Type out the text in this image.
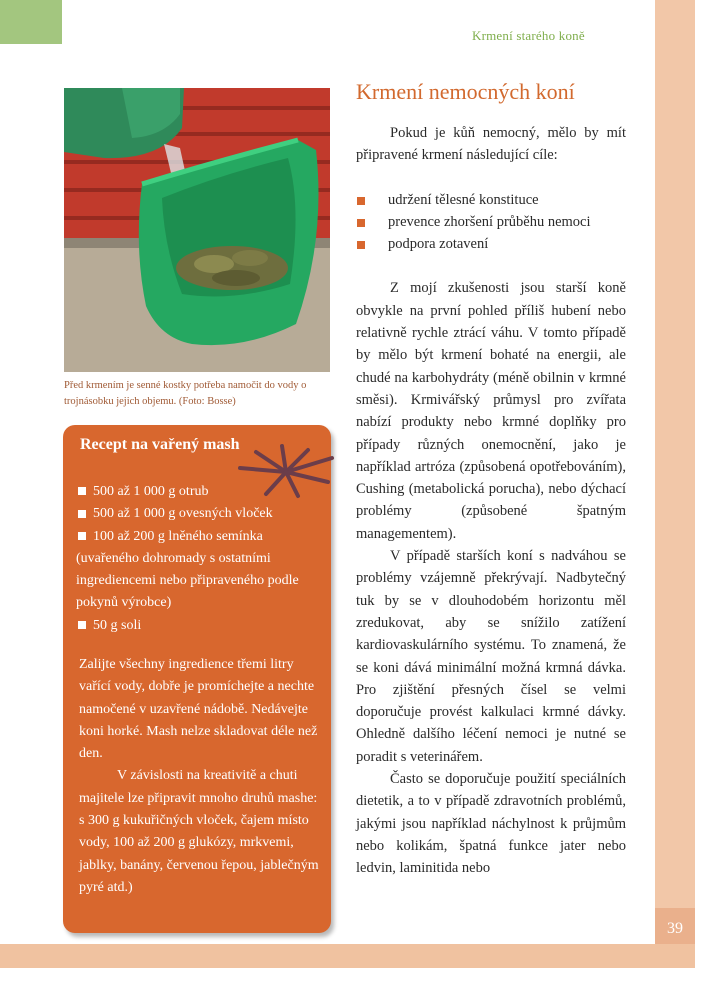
Krmení starého koně
39
Před krmením je senné kostky potřeba namočit do vody o trojnásobku jejich objemu. (Foto: Bosse)
Recept na vařený mash
500 až 1 000 g otrub
500 až 1 000 g ovesných vloček
100 až 200 g lněného semínka
(uvařeného dohromady s ostatními ingrediencemi nebo připraveného podle pokynů výrobce)
50 g soli

Zalijte všechny ingredience třemi litry vařící vody, dobře je promíchejte a nechte namočené v uzavřené nádobě. Nedávejte koni horké. Mash nelze skladovat déle než den.

V závislosti na kreativitě a chuti majitele lze připravit mnoho druhů mashe: s 300 g kukuřičných vloček, čajem místo vody, 100 až 200 g glukózy, mrkvemi, jablky, banány, červenou řepou, jablečným pyré atd.)

Krmení nemocných koní

Pokud je kůň nemocný, mělo by mít připravené krmení následující cíle:

udržení tělesné konstituce
prevence zhoršení průběhu nemoci
podpora zotavení

Z mojí zkušenosti jsou starší koně obvykle na první pohled příliš hubení nebo relativně rychle ztrácí váhu. V tomto případě by mělo být krmení bohaté na energii, ale chudé na karbohydráty (méně obilnin v krmné směsi). Krmivářský průmysl pro zvířata nabízí produkty nebo krmné doplňky pro případy různých onemocnění, jako je například artróza (způsobená opotřebováním), Cushing (metabolická porucha), nebo dýchací problémy (způsobené špatným managementem).

V případě starších koní s nadváhou se problémy vzájemně překrývají. Nadbytečný tuk by se v dlouhodobém horizontu měl zredukovat, aby se snížilo zatížení kardiovaskulárního systému. To znamená, že se koni dává minimální možná krmná dávka. Pro zjištění přesných čísel se velmi doporučuje provést kalkulaci krmné dávky. Ohledně dalšího léčení nemoci je nutné se poradit s veterinářem.

Často se doporučuje použití speciálních dietetik, a to v případě zdravotních problémů, jakými jsou například náchylnost k průjmům nebo kolikám, špatná funkce jater nebo ledvin, laminitida nebo
